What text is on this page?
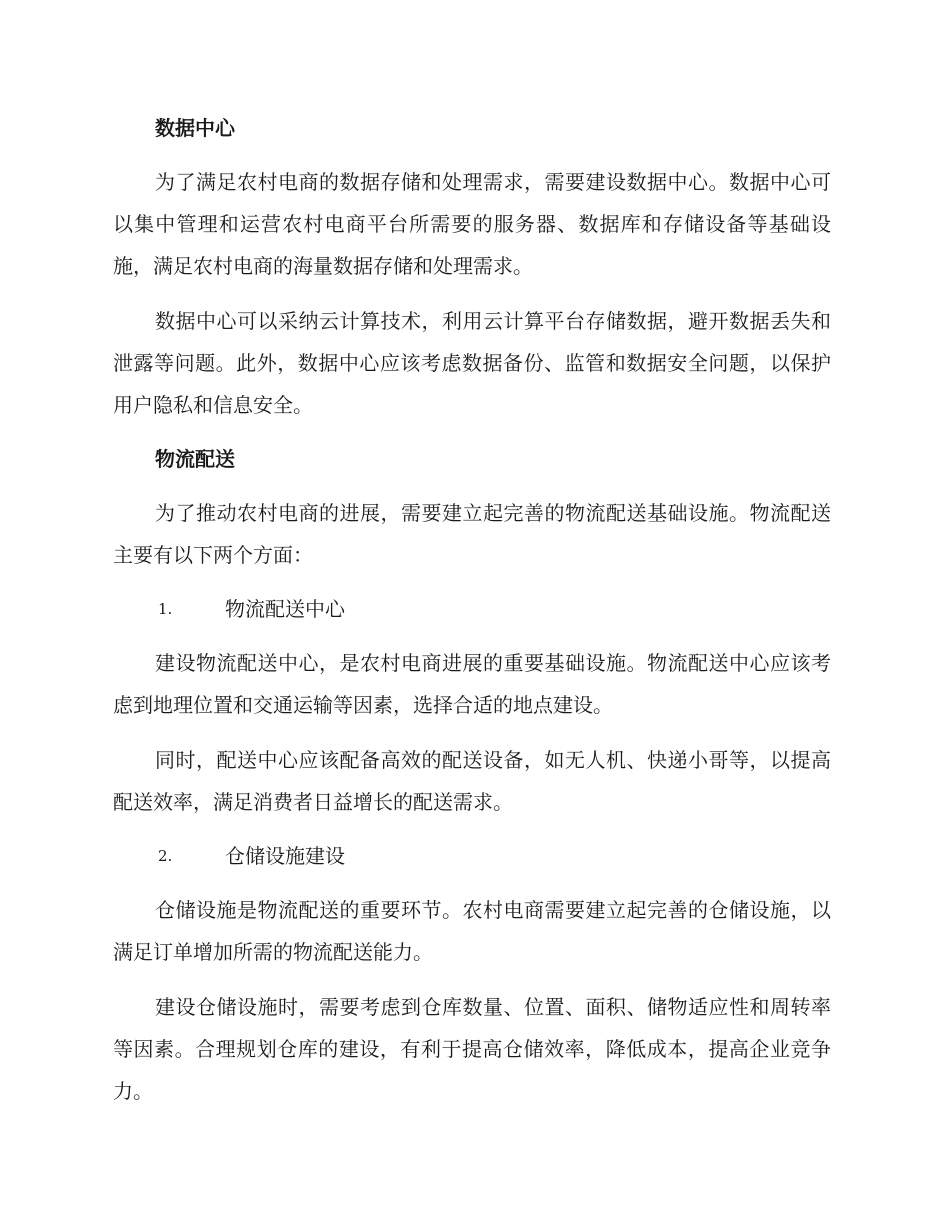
数据中心

为了满足农村电商的数据存储和处理需求，需要建设数据中心。数据中心可以集中管理和运营农村电商平台所需要的服务器、数据库和存储设备等基础设施，满足农村电商的海量数据存储和处理需求。

数据中心可以采纳云计算技术，利用云计算平台存储数据，避开数据丢失和泄露等问题。此外，数据中心应该考虑数据备份、监管和数据安全问题，以保护用户隐私和信息安全。

物流配送

为了推动农村电商的进展，需要建立起完善的物流配送基础设施。物流配送主要有以下两个方面：

1.	物流配送中心

建设物流配送中心，是农村电商进展的重要基础设施。物流配送中心应该考虑到地理位置和交通运输等因素，选择合适的地点建设。

同时，配送中心应该配备高效的配送设备，如无人机、快递小哥等，以提高配送效率，满足消费者日益增长的配送需求。

2.	仓储设施建设

仓储设施是物流配送的重要环节。农村电商需要建立起完善的仓储设施，以满足订单增加所需的物流配送能力。

建设仓储设施时，需要考虑到仓库数量、位置、面积、储物适应性和周转率等因素。合理规划仓库的建设，有利于提高仓储效率，降低成本，提高企业竞争力。
